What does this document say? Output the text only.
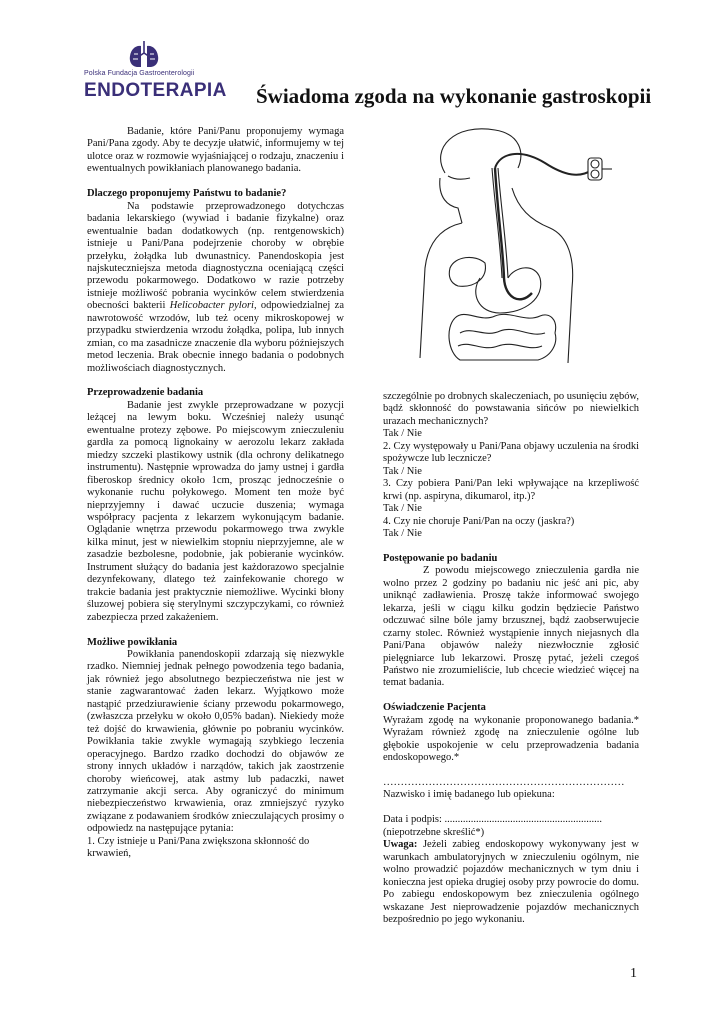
Polska Fundacja Gastroenterologii
ENDOTERAPIA	Świadoma zgoda na wykonanie gastroskopii

Badanie, które Pani/Panu proponujemy wymaga Pani/Pana zgody. Aby te decyzje ułatwić, informujemy w tej ulotce oraz w rozmowie wyjaśniającej o rodzaju, znaczeniu i ewentualnych powikłaniach planowanego badania.

Dlaczego proponujemy Państwu to badanie?

Na podstawie przeprowadzonego dotychczas badania lekarskiego (wywiad i badanie fizykalne) oraz ewentualnie badan dodatkowych (np. rentgenowskich) istnieje u Pani/Pana podejrzenie choroby w obrębie przełyku, żołądka lub dwunastnicy. Panendoskopia jest najskuteczniejsza metoda diagnostyczna oceniającą części przewodu pokarmowego. Dodatkowo w razie potrzeby istnieje możliwość pobrania wycinków celem stwierdzenia obecności bakterii Helicobacter pylori, odpowiedzialnej za nawrotowość wrzodów, lub też oceny mikroskopowej w przypadku stwierdzenia wrzodu żołądka, polipa, lub innych zmian, co ma zasadnicze znaczenie dla wyboru późniejszych metod leczenia. Brak obecnie innego badania o podobnych możliwościach diagnostycznych.

Przeprowadzenie badania

Badanie jest zwykle przeprowadzane w pozycji leżącej na lewym boku. Wcześniej należy usunąć ewentualne protezy zębowe. Po miejscowym znieczuleniu gardła za pomocą lignokainy w aerozolu lekarz zakłada miedzy szczeki plastikowy ustnik (dla ochrony delikatnego instrumentu). Następnie wprowadza do jamy ustnej i gardła fiberoskop średnicy około 1cm, prosząc jednocześnie o wykonanie ruchu połykowego. Moment ten może być nieprzyjemny i dawać uczucie duszenia; wymaga współpracy pacjenta z lekarzem wykonującym badanie. Oglądanie wnętrza przewodu pokarmowego trwa zwykle kilka minut, jest w niewielkim stopniu nieprzyjemne, ale w zasadzie bezbolesne, podobnie, jak pobieranie wycinków. Instrument służący do badania jest każdorazowo specjalnie dezynfekowany, dlatego też zainfekowanie chorego w trakcie badania jest praktycznie niemożliwe. Wycinki błony śluzowej pobiera się sterylnymi szczypczykami, co również zabezpiecza przed zakażeniem.

Możliwe powikłania

Powikłania panendoskopii zdarzają się niezwykle rzadko. Niemniej jednak pełnego powodzenia tego badania, jak również jego absolutnego bezpieczeństwa nie jest w stanie zagwarantować żaden lekarz. Wyjątkowo może nastąpić przedziurawienie ściany przewodu pokarmowego, (zwłaszcza przełyku w około 0,05% badan). Niekiedy może też dojść do krwawienia, głównie po pobraniu wycinków. Powikłania takie zwykle wymagają szybkiego leczenia operacyjnego. Bardzo rzadko dochodzi do objawów ze strony innych układów i narządów, takich jak zaostrzenie choroby wieńcowej, atak astmy lub padaczki, nawet zatrzymanie akcji serca. Aby ograniczyć do minimum niebezpieczeństwo krwawienia, oraz zmniejszyć ryzyko związane z podawaniem środków znieczulających prosimy o odpowiedz na następujące pytania:

1. Czy istnieje u Pani/Pana zwiększona skłonność do krwawień,

szczególnie po drobnych skaleczeniach, po usunięciu zębów, bądź skłonność do powstawania sińców po niewielkich urazach mechanicznych?

Tak / Nie

2. Czy występowały u Pani/Pana objawy uczulenia na środki spożywcze lub lecznicze?

Tak / Nie

3. Czy pobiera Pani/Pan leki wpływające na krzepliwość krwi (np. aspiryna, dikumarol, itp.)?

Tak / Nie

4. Czy nie choruje Pani/Pan na oczy (jaskra?)

Tak / Nie

Postępowanie po badaniu

Z powodu miejscowego znieczulenia gardła nie wolno przez 2 godziny po badaniu nic jeść ani pic, aby uniknąć zadławienia. Proszę także informować swojego lekarza, jeśli w ciągu kilku godzin będziecie Państwo odczuwać silne bóle jamy brzusznej, bądź zaobserwujecie czarny stolec. Również wystąpienie innych niejasnych dla Pani/Pana objawów należy niezwłocznie zgłosić pielęgniarce lub lekarzowi. Proszę pytać, jeżeli czegoś Państwo nie zrozumieliście, lub chcecie wiedzieć więcej na temat badania.

Oświadczenie Pacjenta

Wyrażam zgodę na wykonanie proponowanego badania.* Wyrażam również zgodę na znieczulenie ogólne lub głębokie uspokojenie w celu przeprowadzenia badania endoskopowego.*

……………………………………………………………

Nazwisko i imię badanego lub opiekuna:

Data i podpis: ............................................................

(niepotrzebne skreślić*)

Uwaga: Jeżeli zabieg endoskopowy wykonywany jest w warunkach ambulatoryjnych w znieczuleniu ogólnym, nie wolno prowadzić pojazdów mechanicznych w tym dniu i konieczna jest opieka drugiej osoby przy powrocie do domu. Po zabiegu endoskopowym bez znieczulenia ogólnego wskazane Jest nieprowadzenie pojazdów mechanicznych bezpośrednio po jego wykonaniu.

1
